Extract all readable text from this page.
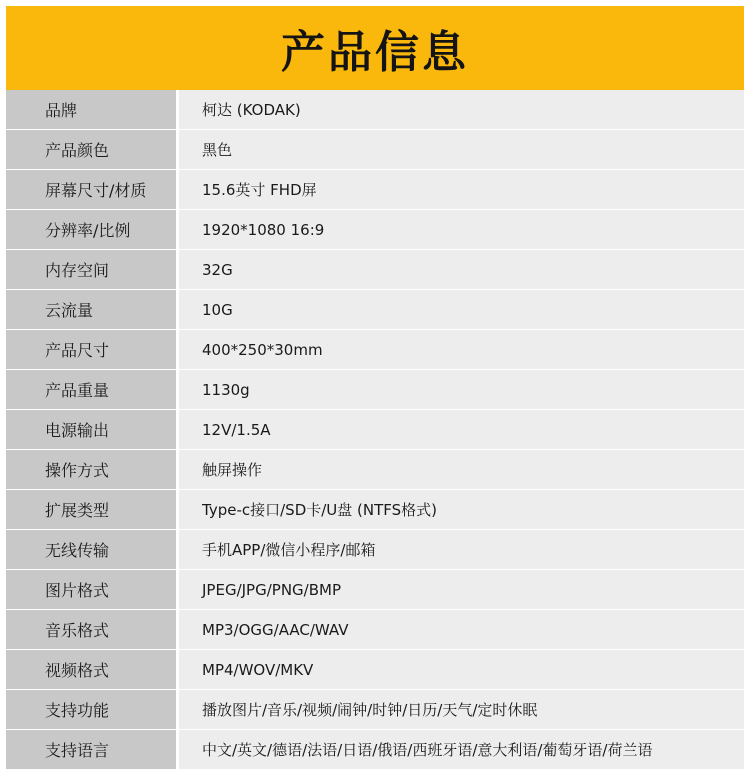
产品信息
品牌	柯达 (KODAK)
产品颜色	黑色
屏幕尺寸/材质	15.6英寸 FHD屏
分辨率/比例	1920*1080 16:9
内存空间	32G
云流量	10G
产品尺寸	400*250*30mm
产品重量	1130g
电源输出	12V/1.5A
操作方式	触屏操作
扩展类型	Type-c接口/SD卡/U盘 (NTFS格式)
无线传输	手机APP/微信小程序/邮箱
图片格式	JPEG/JPG/PNG/BMP
音乐格式	MP3/OGG/AAC/WAV
视频格式	MP4/WOV/MKV
支持功能	播放图片/音乐/视频/闹钟/时钟/日历/天气/定时休眠
支持语言	中文/英文/德语/法语/日语/俄语/西班牙语/意大利语/葡萄牙语/荷兰语
